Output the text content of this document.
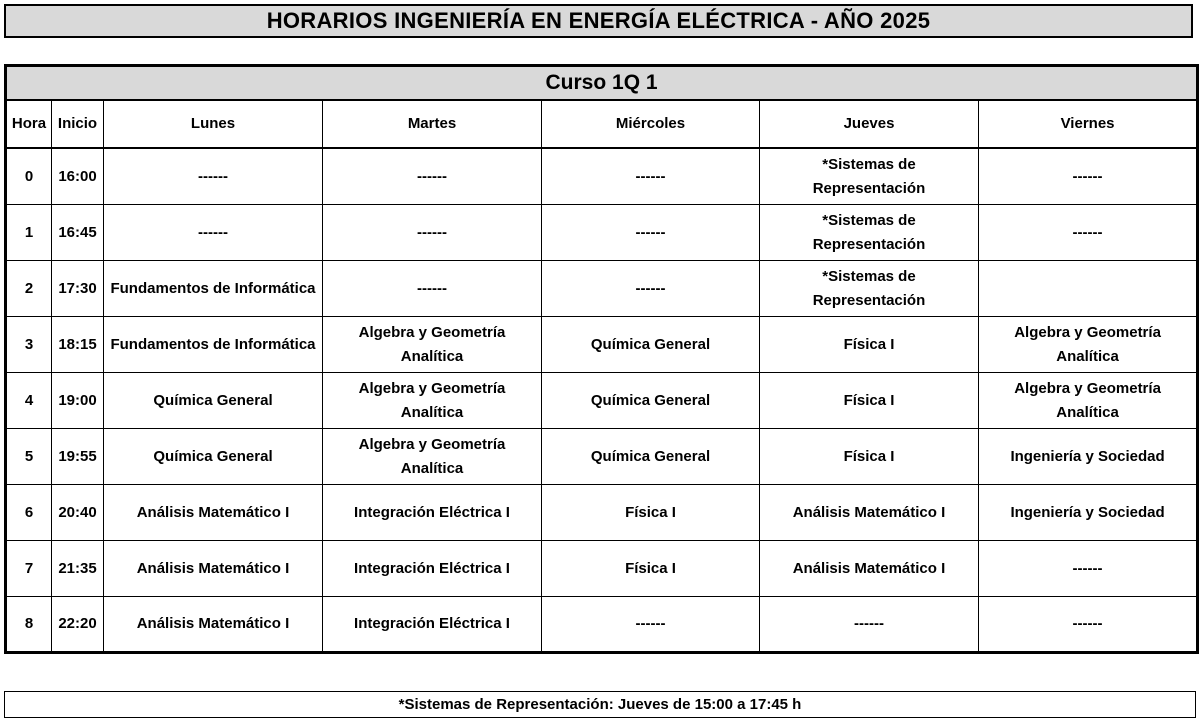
HORARIOS INGENIERÍA EN ENERGÍA ELÉCTRICA - AÑO 2025
Curso 1Q 1						
Hora	Inicio	Lunes	Martes	Miércoles	Jueves	Viernes
0	16:00	------	------	------	*Sistemas de Representación	------
1	16:45	------	------	------	*Sistemas de Representación	------
2	17:30	Fundamentos de Informática	------	------	*Sistemas de Representación	
3	18:15	Fundamentos de Informática	Algebra y Geometría Analítica	Química General	Física I	Algebra y Geometría Analítica
4	19:00	Química General	Algebra y Geometría Analítica	Química General	Física I	Algebra y Geometría Analítica
5	19:55	Química General	Algebra y Geometría Analítica	Química General	Física I	Ingeniería y Sociedad
6	20:40	Análisis Matemático I	Integración Eléctrica I	Física I	Análisis Matemático I	Ingeniería y Sociedad
7	21:35	Análisis Matemático I	Integración Eléctrica I	Física I	Análisis Matemático I	------
8	22:20	Análisis Matemático I	Integración Eléctrica I	------	------	------
*Sistemas de Representación: Jueves de 15:00 a 17:45 h
